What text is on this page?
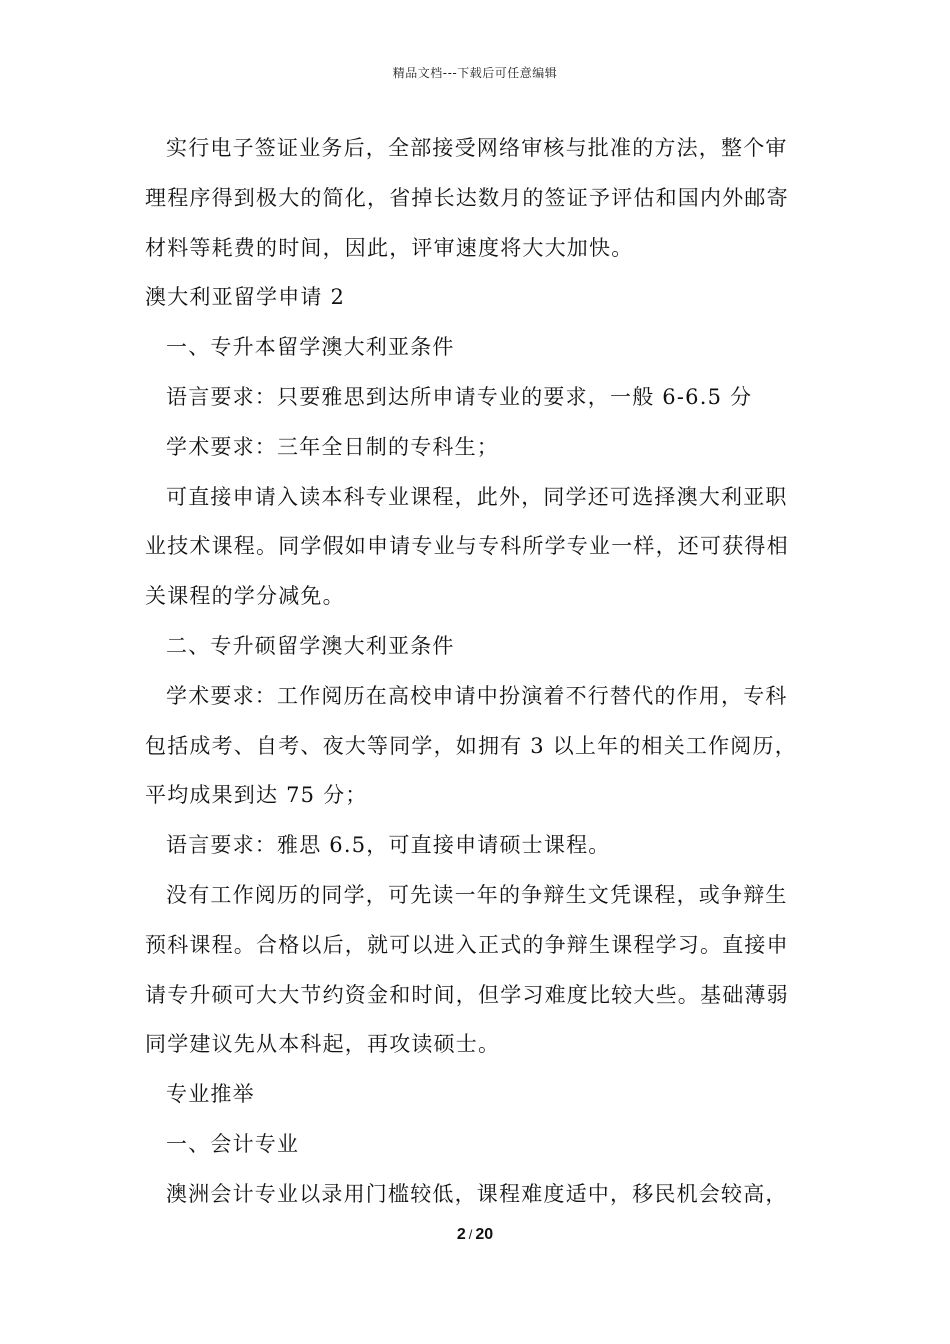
精品文档---下载后可任意编辑
实行电子签证业务后，全部接受网络审核与批准的方法，整个审
理程序得到极大的简化，省掉长达数月的签证予评估和国内外邮寄
材料等耗费的时间，因此，评审速度将大大加快。
澳大利亚留学申请 2
一、专升本留学澳大利亚条件
语言要求：只要雅思到达所申请专业的要求，一般 6-6.5 分
学术要求：三年全日制的专科生；
可直接申请入读本科专业课程，此外，同学还可选择澳大利亚职
业技术课程。同学假如申请专业与专科所学专业一样，还可获得相
关课程的学分减免。
二、专升硕留学澳大利亚条件
学术要求：工作阅历在高校申请中扮演着不行替代的作用，专科
包括成考、自考、夜大等同学，如拥有 3 以上年的相关工作阅历，
平均成果到达 75 分；
语言要求：雅思 6.5，可直接申请硕士课程。
没有工作阅历的同学，可先读一年的争辩生文凭课程，或争辩生
预科课程。合格以后，就可以进入正式的争辩生课程学习。直接申
请专升硕可大大节约资金和时间，但学习难度比较大些。基础薄弱
同学建议先从本科起，再攻读硕士。
专业推举
一、会计专业
澳洲会计专业以录用门槛较低，课程难度适中，移民机会较高，
2 / 20
